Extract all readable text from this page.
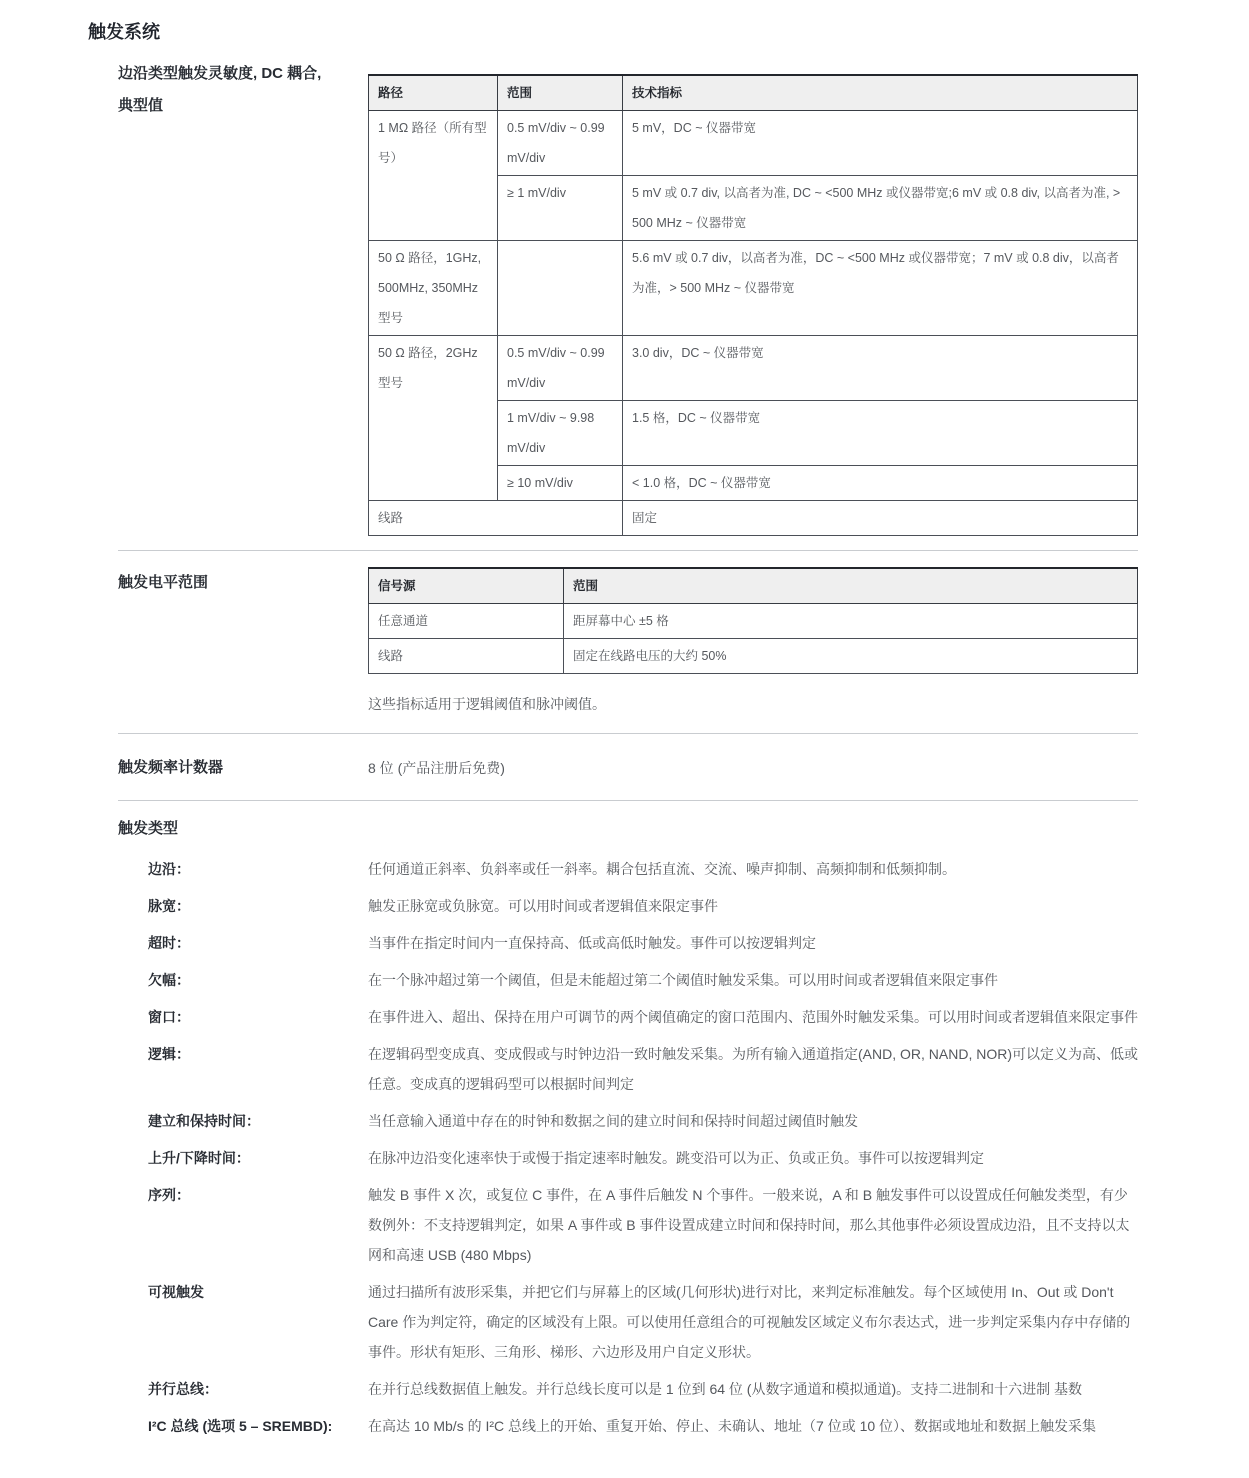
触发系统
边沿类型触发灵敏度, DC 耦合,
典型值
路径	范围	技术指标
1 MΩ 路径（所有型号）	0.5 mV/div ~ 0.99 mV/div	5 mV，DC ~ 仪器带宽
	≥ 1 mV/div	5 mV 或 0.7 div, 以高者为准, DC ~ <500 MHz 或仪器带宽;6 mV 或 0.8 div, 以高者为准, > 500 MHz ~ 仪器带宽
50 Ω 路径，1GHz, 500MHz, 350MHz 型号		5.6 mV 或 0.7 div，以高者为准，DC ~ <500 MHz 或仪器带宽；7 mV 或 0.8 div，以高者为准，> 500 MHz ~ 仪器带宽
50 Ω 路径，2GHz 型号	0.5 mV/div ~ 0.99 mV/div	3.0 div，DC ~ 仪器带宽
	1 mV/div ~ 9.98 mV/div	1.5 格，DC ~ 仪器带宽
	≥ 10 mV/div	< 1.0 格，DC ~ 仪器带宽
线路		固定
触发电平范围	信号源	范围
任意通道	距屏幕中心 ±5 格
线路	固定在线路电压的大约 50%

这些指标适用于逻辑阈值和脉冲阈值。

触发频率计数器	8 位 (产品注册后免费)
触发类型
边沿：	任何通道正斜率、负斜率或任一斜率。耦合包括直流、交流、噪声抑制、高频抑制和低频抑制。
脉宽：	触发正脉宽或负脉宽。可以用时间或者逻辑值来限定事件
超时：	当事件在指定时间内一直保持高、低或高低时触发。事件可以按逻辑判定
欠幅：	在一个脉冲超过第一个阈值，但是未能超过第二个阈值时触发采集。可以用时间或者逻辑值来限定事件
窗口：	在事件进入、超出、保持在用户可调节的两个阈值确定的窗口范围内、范围外时触发采集。可以用时间或者逻辑值来限定事件
逻辑：	在逻辑码型变成真、变成假或与时钟边沿一致时触发采集。为所有输入通道指定(AND, OR, NAND, NOR)可以定义为高、低或任意。变成真的逻辑码型可以根据时间判定
建立和保持时间：	当任意输入通道中存在的时钟和数据之间的建立时间和保持时间超过阈值时触发
上升/下降时间：	在脉冲边沿变化速率快于或慢于指定速率时触发。跳变沿可以为正、负或正负。事件可以按逻辑判定
序列：	触发 B 事件 X 次，或复位 C 事件，在 A 事件后触发 N 个事件。一般来说，A 和 B 触发事件可以设置成任何触发类型，有少数例外：不支持逻辑判定，如果 A 事件或 B 事件设置成建立时间和保持时间，那么其他事件必须设置成边沿，且不支持以太网和高速 USB (480 Mbps)
可视触发	通过扫描所有波形采集，并把它们与屏幕上的区域(几何形状)进行对比，来判定标准触发。每个区域使用 In、Out 或 Don't Care 作为判定符，确定的区域没有上限。可以使用任意组合的可视触发区域定义布尔表达式，进一步判定采集内存中存储的事件。形状有矩形、三角形、梯形、六边形及用户自定义形状。
并行总线：	在并行总线数据值上触发。并行总线长度可以是 1 位到 64 位 (从数字通道和模拟通道)。支持二进制和十六进制 基数
I²C 总线 (选项 5 – SREMBD):	在高达 10 Mb/s 的 I²C 总线上的开始、重复开始、停止、未确认、地址（7 位或 10 位）、数据或地址和数据上触发采集
